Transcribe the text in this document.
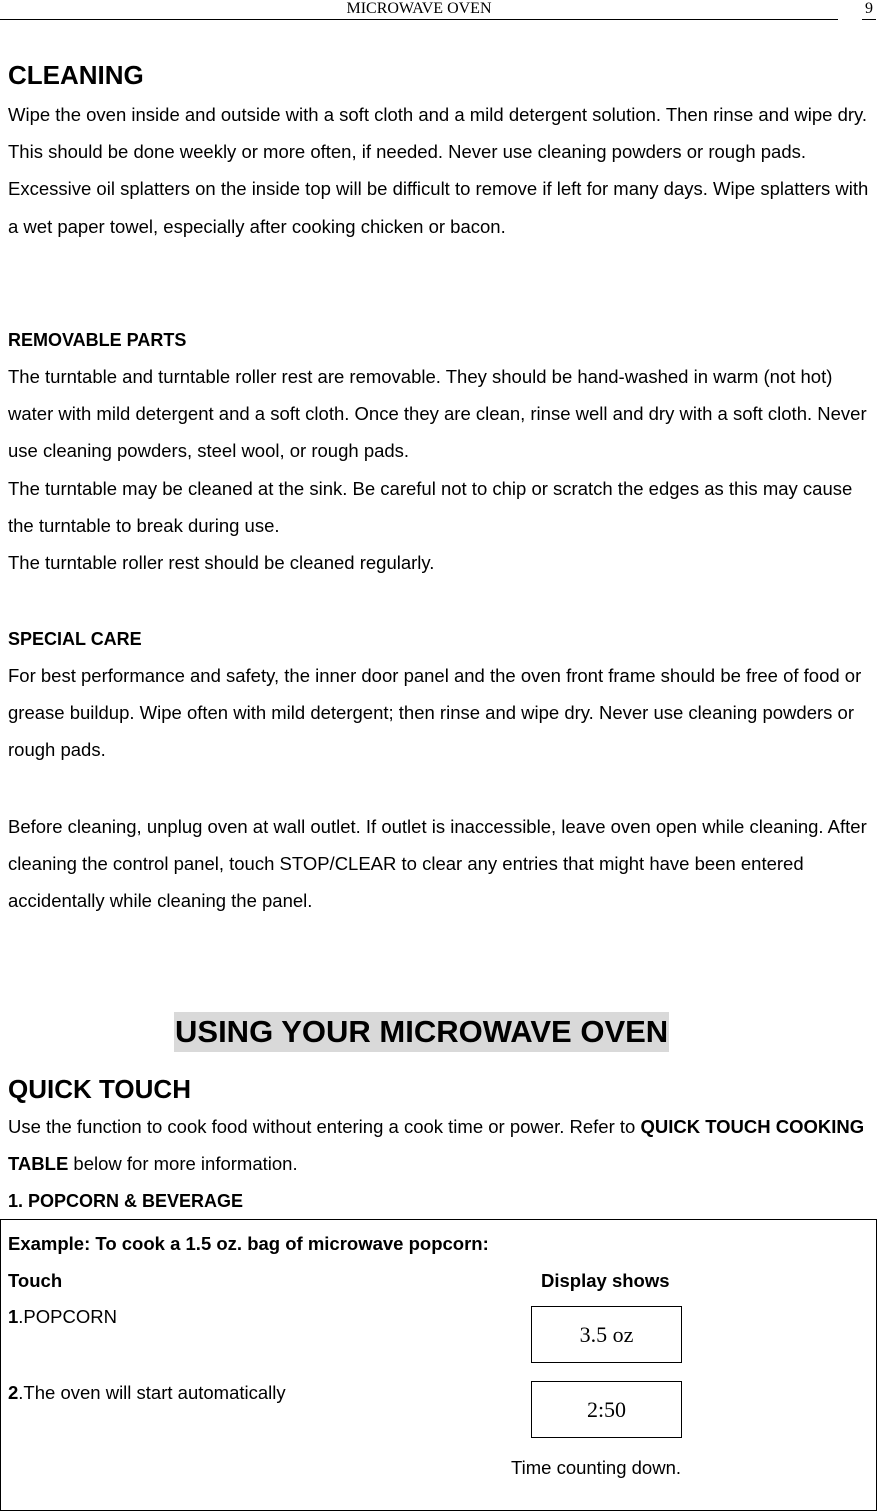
MICROWAVE OVEN	9
CLEANING
Wipe the oven inside and outside with a soft cloth and a mild detergent solution. Then rinse and wipe dry. This should be done weekly or more often, if needed. Never use cleaning powders or rough pads. Excessive oil splatters on the inside top will be difficult to remove if left for many days. Wipe splatters with a wet paper towel, especially after cooking chicken or bacon.
REMOVABLE PARTS
The turntable and turntable roller rest are removable. They should be hand-washed in warm (not hot) water with mild detergent and a soft cloth. Once they are clean, rinse well and dry with a soft cloth. Never use cleaning powders, steel wool, or rough pads.
The turntable may be cleaned at the sink. Be careful not to chip or scratch the edges as this may cause the turntable to break during use.
The turntable roller rest should be cleaned regularly.
SPECIAL CARE
For best performance and safety, the inner door panel and the oven front frame should be free of food or grease buildup. Wipe often with mild detergent; then rinse and wipe dry. Never use cleaning powders or rough pads.
Before cleaning, unplug oven at wall outlet. If outlet is inaccessible, leave oven open while cleaning. After cleaning the control panel, touch STOP/CLEAR to clear any entries that might have been entered accidentally while cleaning the panel.
USING YOUR MICROWAVE OVEN
QUICK TOUCH
Use the function to cook food without entering a cook time or power. Refer to QUICK TOUCH COOKING TABLE below for more information.
1. POPCORN & BEVERAGE
Example: To cook a 1.5 oz. bag of microwave popcorn:
Touch	Display shows
1.POPCORN
3.5 oz
2.The oven will start automatically
2:50
Time counting down.
